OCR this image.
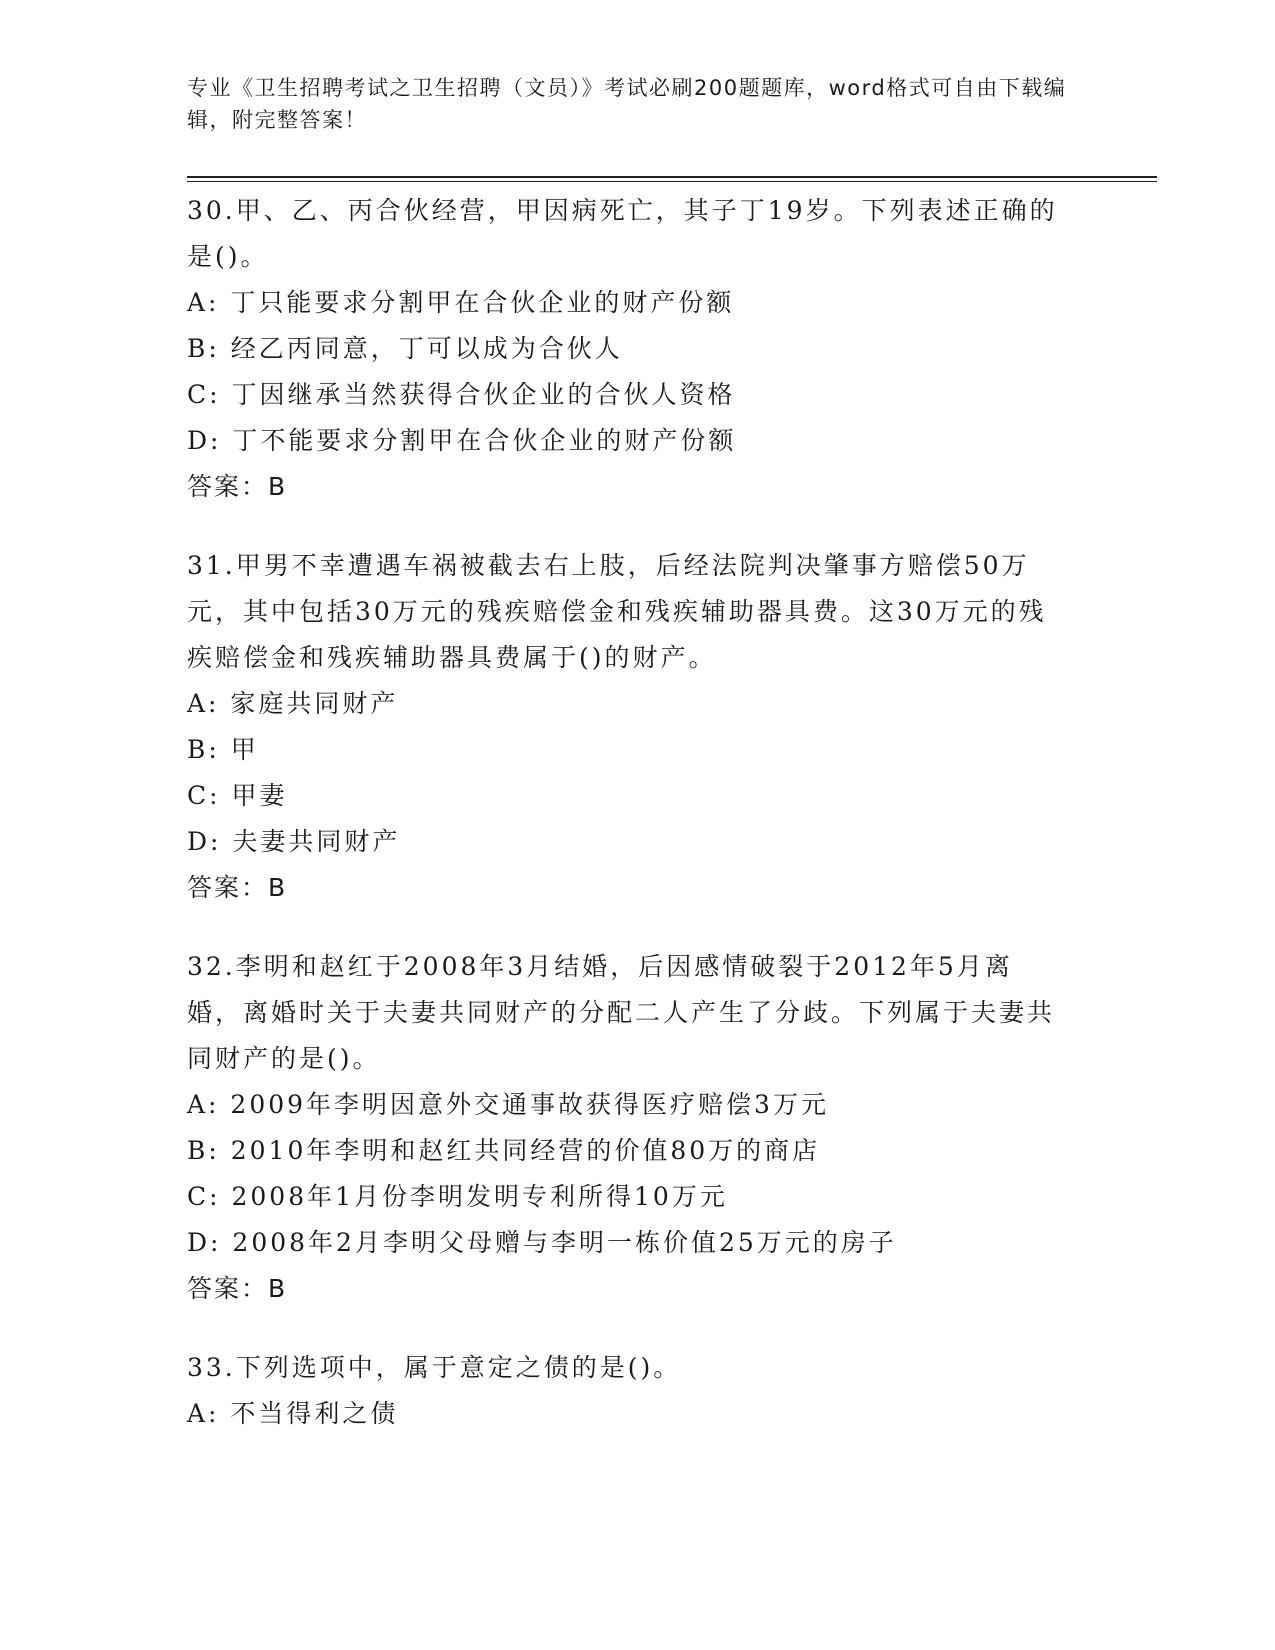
专业《卫生招聘考试之卫生招聘（文员）》考试必刷200题题库，word格式可自由下载编辑，附完整答案！
30.甲、乙、丙合伙经营，甲因病死亡，其子丁19岁。下列表述正确的是()。
A: 丁只能要求分割甲在合伙企业的财产份额
B: 经乙丙同意，丁可以成为合伙人
C: 丁因继承当然获得合伙企业的合伙人资格
D: 丁不能要求分割甲在合伙企业的财产份额
答案：B
31.甲男不幸遭遇车祸被截去右上肢，后经法院判决肇事方赔偿50万元，其中包括30万元的残疾赔偿金和残疾辅助器具费。这30万元的残疾赔偿金和残疾辅助器具费属于()的财产。
A: 家庭共同财产
B: 甲
C: 甲妻
D: 夫妻共同财产
答案：B
32.李明和赵红于2008年3月结婚，后因感情破裂于2012年5月离婚，离婚时关于夫妻共同财产的分配二人产生了分歧。下列属于夫妻共同财产的是()。
A: 2009年李明因意外交通事故获得医疗赔偿3万元
B: 2010年李明和赵红共同经营的价值80万的商店
C: 2008年1月份李明发明专利所得10万元
D: 2008年2月李明父母赠与李明一栋价值25万元的房子
答案：B
33.下列选项中，属于意定之债的是()。
A: 不当得利之债
